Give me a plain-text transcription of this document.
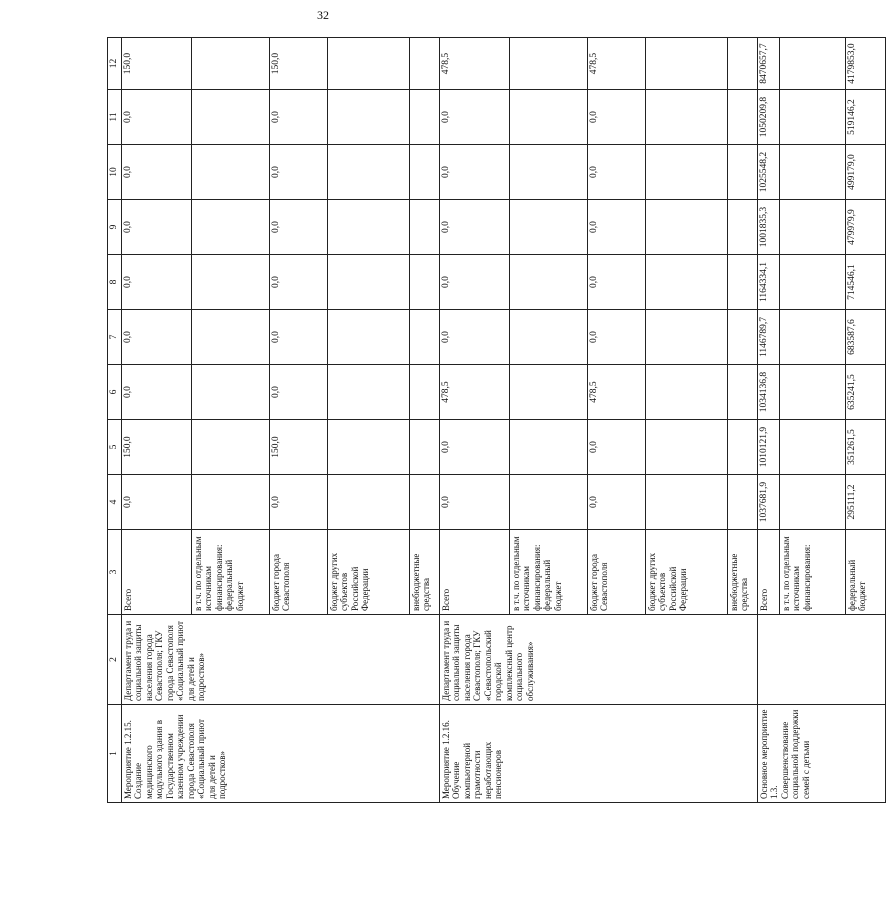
32
1	2	3	4	5	6	7	8	9	10	11	12
Мероприятие 1.2.15. Создание медицинского модульного здания в Государственном казенном учреждении города Севастополя «Социальный приют для детей и подростков»	Департамент труда и социальной защиты населения города Севастополя; ГКУ города Севастополя «Социальный приют для детей и подростков»	Всего	0,0	150,0	0,0	0,0	0,0	0,0	0,0	0,0	150,0
		в т.ч. по отдельным источникам финансирования: федеральный бюджет									
		бюджет города Севастополя	0,0	150,0	0,0	0,0	0,0	0,0	0,0	0,0	150,0
		бюджет других субъектов Российской Федерации									
		внебюджетные средства									
Мероприятие 1.2.16. Обучение компьютерной грамотности неработающих пенсионеров	Департамент труда и социальной защиты населения города Севастополя; ГКУ «Севастопольский городской комплексный центр социального обслуживания»	Всего	0,0	0,0	478,5	0,0	0,0	0,0	0,0	0,0	478,5
		в т.ч. по отдельным источникам финансирования: федеральный бюджет									
		бюджет города Севастополя	0,0	0,0	478,5	0,0	0,0	0,0	0,0	0,0	478,5
		бюджет других субъектов Российской Федерации									
		внебюджетные средства									
Основное мероприятие 1.3. Совершенствование социальной поддержки семей с детьми		Всего	1037681,9	1010121,9	1034136,8	1146789,7	1164334,1	1001835,3	1025548,2	1050209,8	8470657,7
		в т.ч. по отдельным источникам финансирования:									
		федеральный бюджет	295111,2	351261,5	635241,5	683587,6	714546,1	479979,9	499179,0	519146,2	4179853,0
